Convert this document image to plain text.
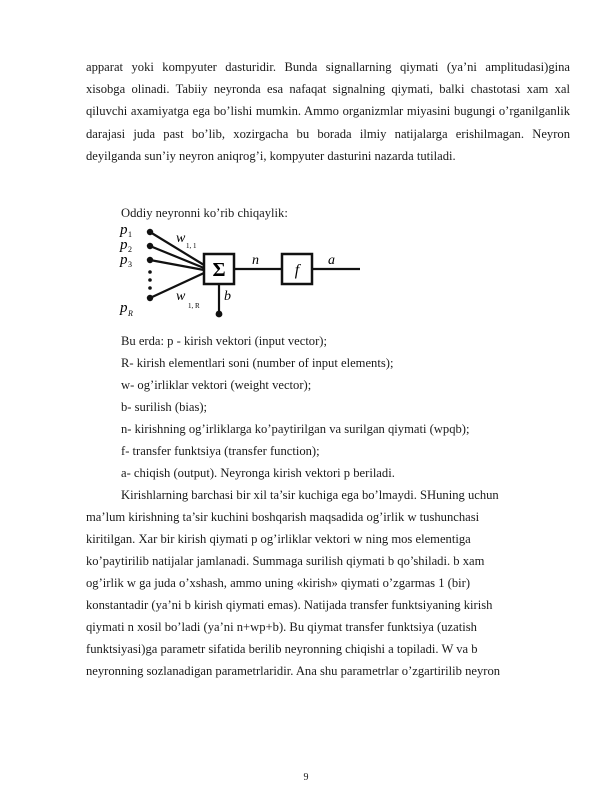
apparat yoki kompyuter dasturidir. Bunda signallarning qiymati (ya’ni amplitudasi)gina xisobga olinadi. Tabiiy neyronda esa nafaqat signalning qiymati, balki chastotasi xam xal qiluvchi axamiyatga ega bo’lishi mumkin. Ammo organizmlar miyasini bugungi o’rganilganlik darajasi juda past bo’lib, xozirgacha bu borada ilmiy natijalarga erishilmagan. Neyron deyilganda sun’iy neyron aniqrog’i, kompyuter dasturini nazarda tutiladi.

Oddiy neyronni ko’rib chiqaylik:

p 1
p 2
p 3
p R
w 1, 1
w
1, R
Σ
b
n
f
a

Bu erda: p - kirish vektori (input vector);

R- kirish elementlari soni (number of input elements);

w- og’irliklar vektori (weight vector);

b- surilish (bias);

n- kirishning og’irliklarga ko’paytirilgan va surilgan qiymati (wpqb);

f- transfer funktsiya (transfer function);

a- chiqish (output). Neyronga kirish vektori p beriladi.

Kirishlarning barchasi bir xil ta’sir kuchiga ega bo’lmaydi. SHuning uchun

ma’lum kirishning ta’sir kuchini boshqarish maqsadida og’irlik w tushunchasi

kiritilgan. Xar bir kirish qiymati p og’irliklar vektori w ning mos elementiga

ko’paytirilib natijalar jamlanadi. Summaga surilish qiymati b qo’shiladi. b xam

og’irlik w ga juda o’xshash, ammo uning «kirish» qiymati o’zgarmas 1 (bir)

konstantadir (ya’ni b kirish qiymati emas). Natijada transfer funktsiyaning kirish

qiymati n xosil bo’ladi (ya’ni n+wp+b). Bu qiymat transfer funktsiya (uzatish

funktsiyasi)ga parametr sifatida berilib neyronning chiqishi a topiladi. W va b

neyronning sozlanadigan parametrlaridir. Ana shu parametrlar o’zgartirilib neyron

9
